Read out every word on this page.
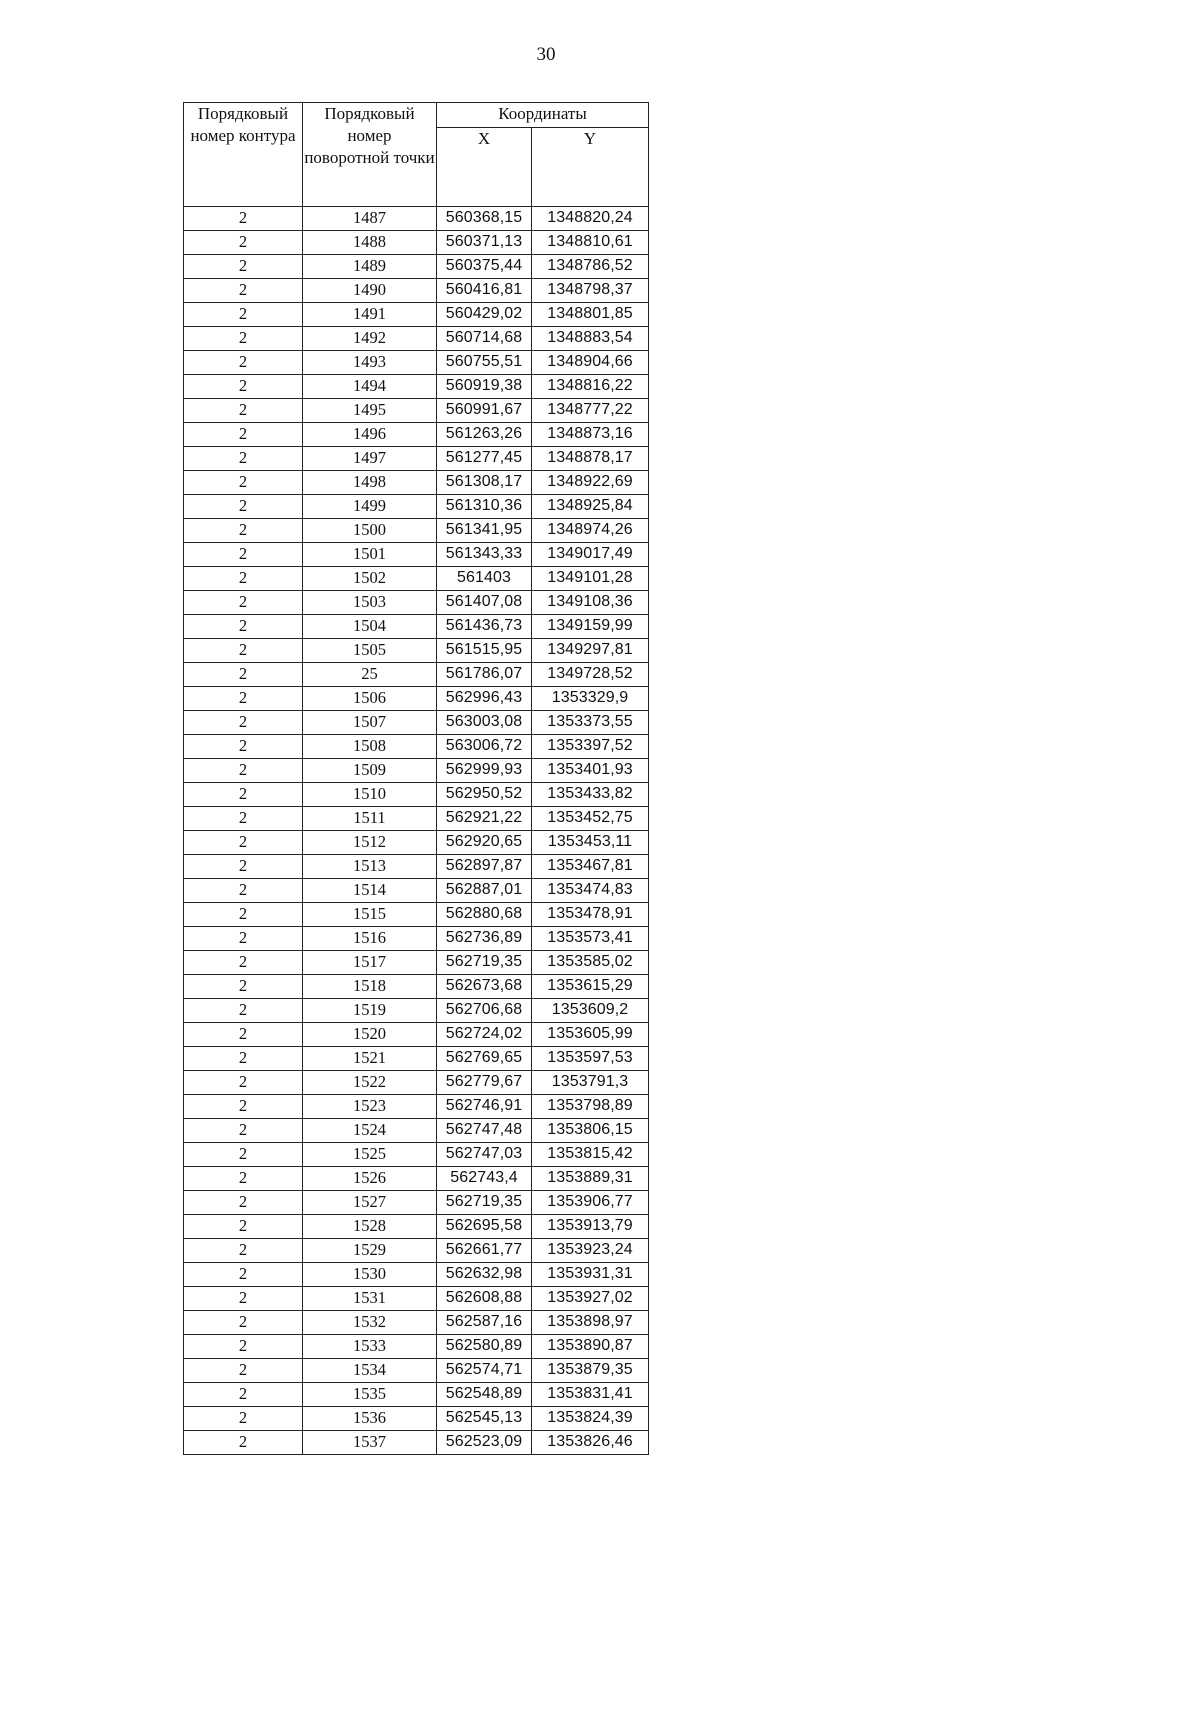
30
Порядковый номер контура	Порядковый номер поворотной точки	Координаты	
		X	Y
2	1487	560368,15	1348820,24
2	1488	560371,13	1348810,61
2	1489	560375,44	1348786,52
2	1490	560416,81	1348798,37
2	1491	560429,02	1348801,85
2	1492	560714,68	1348883,54
2	1493	560755,51	1348904,66
2	1494	560919,38	1348816,22
2	1495	560991,67	1348777,22
2	1496	561263,26	1348873,16
2	1497	561277,45	1348878,17
2	1498	561308,17	1348922,69
2	1499	561310,36	1348925,84
2	1500	561341,95	1348974,26
2	1501	561343,33	1349017,49
2	1502	561403	1349101,28
2	1503	561407,08	1349108,36
2	1504	561436,73	1349159,99
2	1505	561515,95	1349297,81
2	25	561786,07	1349728,52
2	1506	562996,43	1353329,9
2	1507	563003,08	1353373,55
2	1508	563006,72	1353397,52
2	1509	562999,93	1353401,93
2	1510	562950,52	1353433,82
2	1511	562921,22	1353452,75
2	1512	562920,65	1353453,11
2	1513	562897,87	1353467,81
2	1514	562887,01	1353474,83
2	1515	562880,68	1353478,91
2	1516	562736,89	1353573,41
2	1517	562719,35	1353585,02
2	1518	562673,68	1353615,29
2	1519	562706,68	1353609,2
2	1520	562724,02	1353605,99
2	1521	562769,65	1353597,53
2	1522	562779,67	1353791,3
2	1523	562746,91	1353798,89
2	1524	562747,48	1353806,15
2	1525	562747,03	1353815,42
2	1526	562743,4	1353889,31
2	1527	562719,35	1353906,77
2	1528	562695,58	1353913,79
2	1529	562661,77	1353923,24
2	1530	562632,98	1353931,31
2	1531	562608,88	1353927,02
2	1532	562587,16	1353898,97
2	1533	562580,89	1353890,87
2	1534	562574,71	1353879,35
2	1535	562548,89	1353831,41
2	1536	562545,13	1353824,39
2	1537	562523,09	1353826,46
